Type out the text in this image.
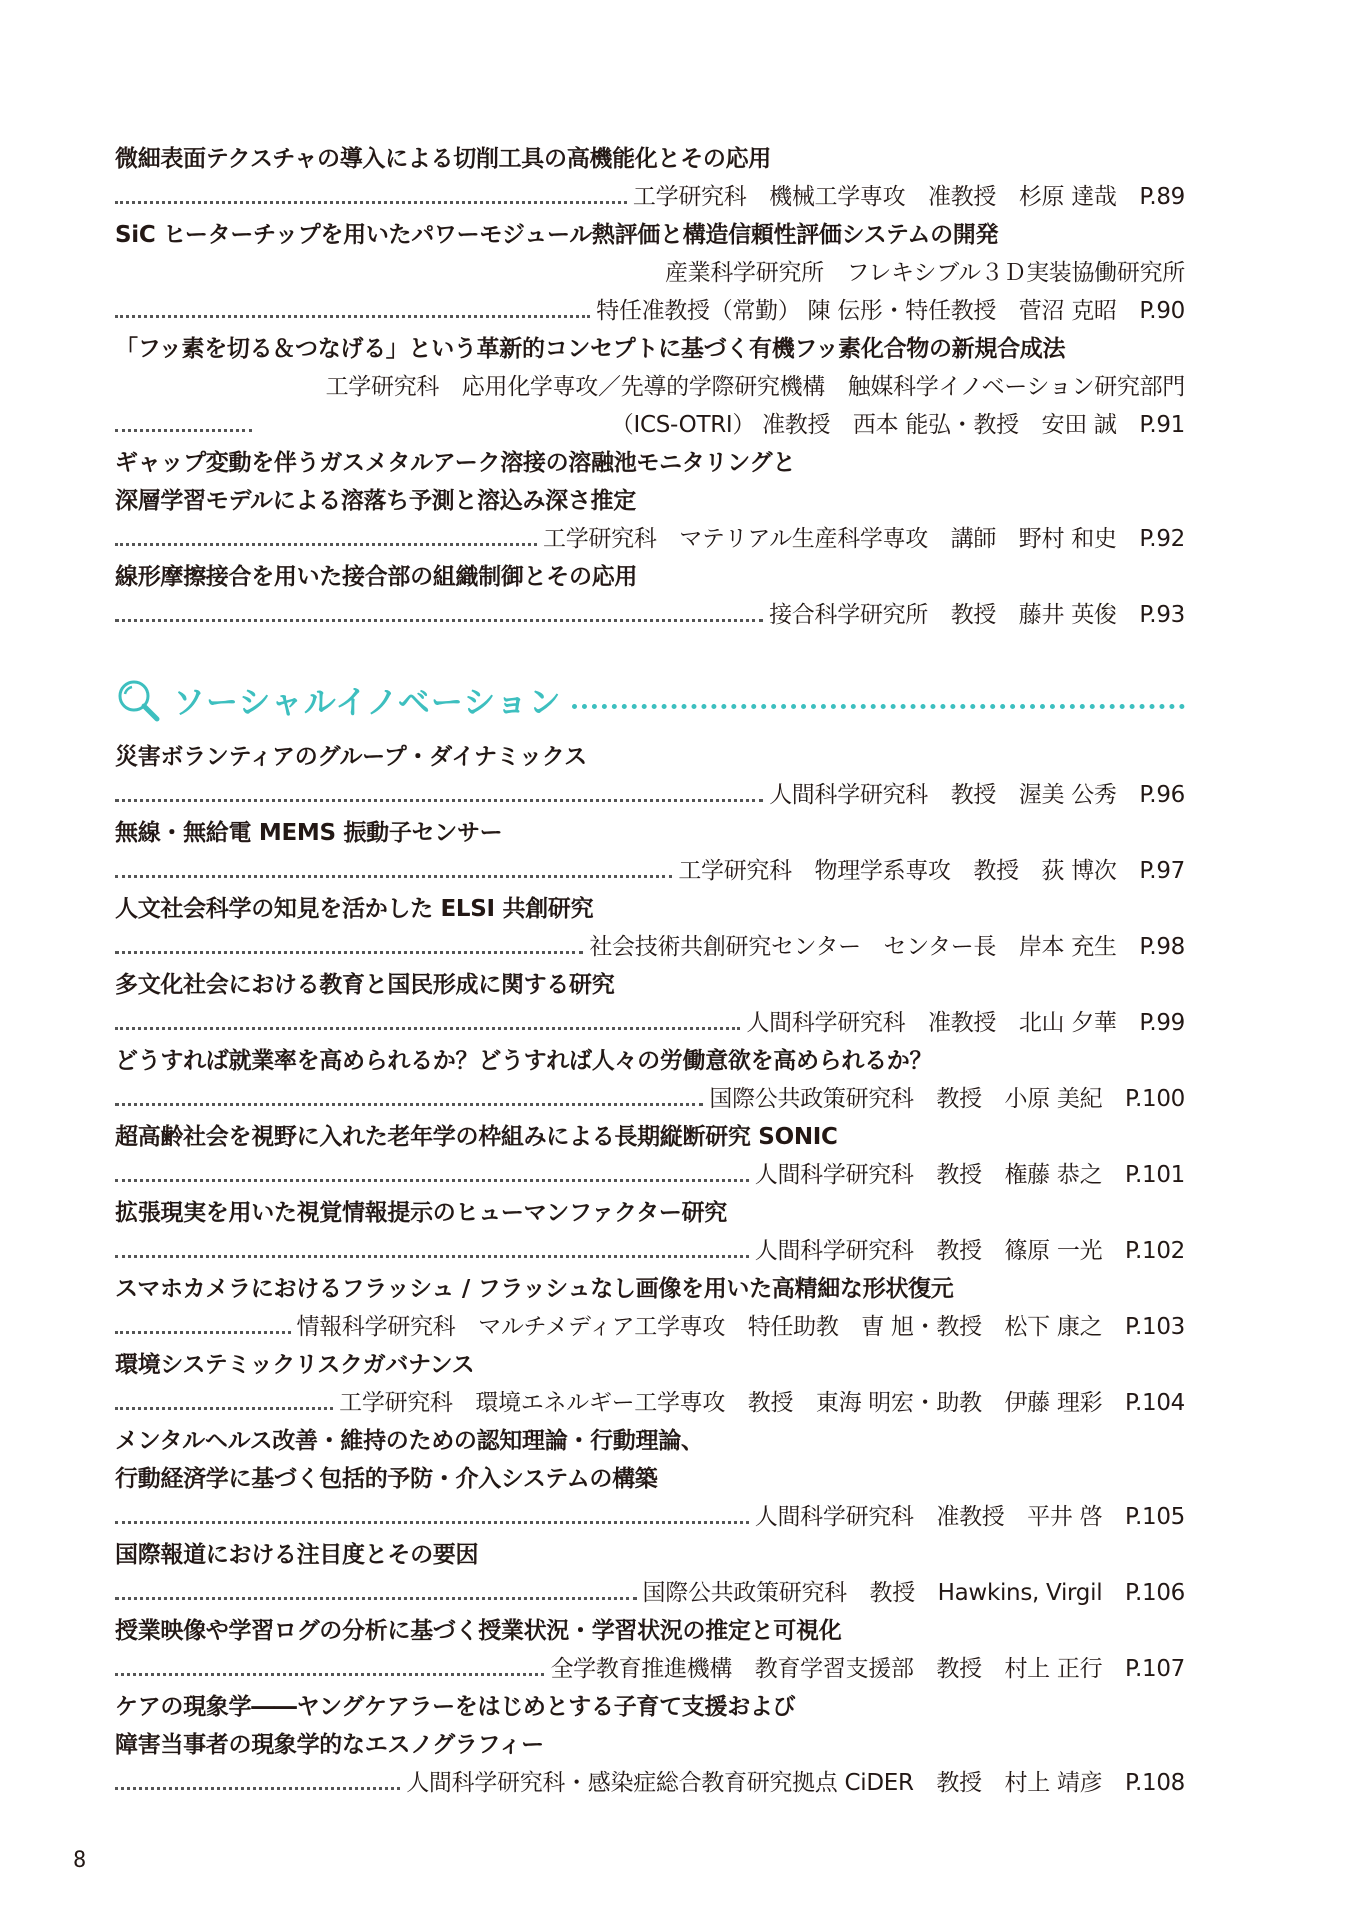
微細表面テクスチャの導入による切削工具の高機能化とその応用
工学研究科　機械工学専攻　准教授　杉原 達哉　P.89
SiC ヒーターチップを用いたパワーモジュール熱評価と構造信頼性評価システムの開発
産業科学研究所　フレキシブル３Ｄ実装協働研究所　　　
特任准教授（常勤） 陳 伝彤・特任教授　菅沼 克昭　P.90
「フッ素を切る＆つなげる」という革新的コンセプトに基づく有機フッ素化合物の新規合成法
工学研究科　応用化学専攻／先導的学際研究機構　触媒科学イノベーション研究部門　　　
（ICS-OTRI） 准教授　西本 能弘・教授　安田 誠　P.91
ギャップ変動を伴うガスメタルアーク溶接の溶融池モニタリングと
深層学習モデルによる溶落ち予測と溶込み深さ推定
工学研究科　マテリアル生産科学専攻　講師　野村 和史　P.92
線形摩擦接合を用いた接合部の組織制御とその応用
接合科学研究所　教授　藤井 英俊　P.93
ソーシャルイノベーション
災害ボランティアのグループ・ダイナミックス
人間科学研究科　教授　渥美 公秀　P.96
無線・無給電 MEMS 振動子センサー
工学研究科　物理学系専攻　教授　荻 博次　P.97
人文社会科学の知見を活かした ELSI 共創研究
社会技術共創研究センター　センター長　岸本 充生　P.98
多文化社会における教育と国民形成に関する研究
人間科学研究科　准教授　北山 夕華　P.99
どうすれば就業率を高められるか？どうすれば人々の労働意欲を高められるか？
国際公共政策研究科　教授　小原 美紀　P.100
超高齢社会を視野に入れた老年学の枠組みによる長期縦断研究 SONIC
人間科学研究科　教授　権藤 恭之　P.101
拡張現実を用いた視覚情報提示のヒューマンファクター研究
人間科学研究科　教授　篠原 一光　P.102
スマホカメラにおけるフラッシュ / フラッシュなし画像を用いた高精細な形状復元
情報科学研究科　マルチメディア工学専攻　特任助教　曺 旭・教授　松下 康之　P.103
環境システミックリスクガバナンス
工学研究科　環境エネルギー工学専攻　教授　東海 明宏・助教　伊藤 理彩　P.104
メンタルヘルス改善・維持のための認知理論・行動理論、
行動経済学に基づく包括的予防・介入システムの構築
人間科学研究科　准教授　平井 啓　P.105
国際報道における注目度とその要因
国際公共政策研究科　教授　Hawkins, Virgil　P.106
授業映像や学習ログの分析に基づく授業状況・学習状況の推定と可視化
全学教育推進機構　教育学習支援部　教授　村上 正行　P.107
ケアの現象学――ヤングケアラーをはじめとする子育て支援および
障害当事者の現象学的なエスノグラフィー
人間科学研究科・感染症総合教育研究拠点 CiDER　教授　村上 靖彦　P.108
8
